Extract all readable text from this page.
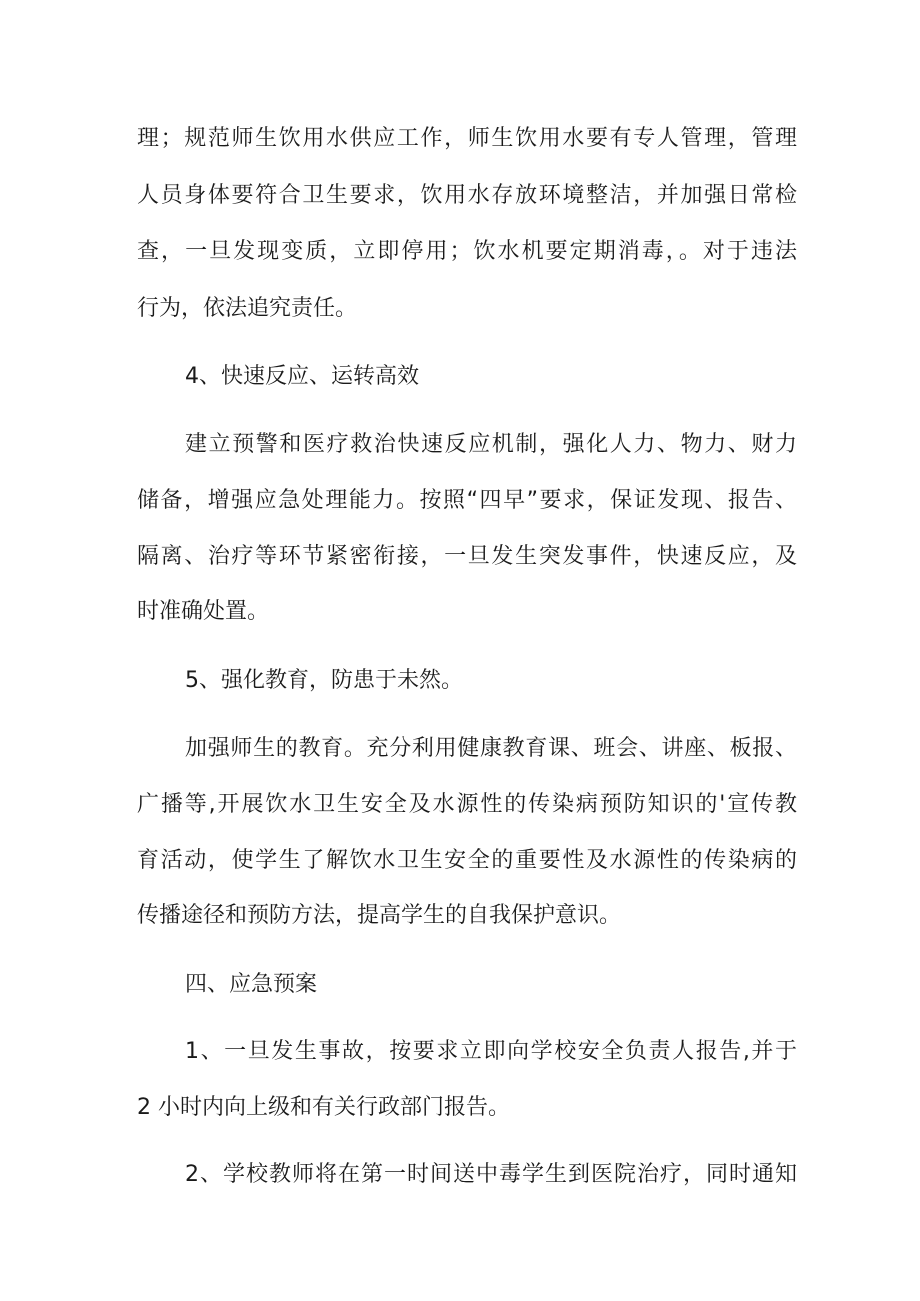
理；规范师生饮用水供应工作，师生饮用水要有专人管理，管理
人员身体要符合卫生要求，饮用水存放环境整洁，并加强日常检
查，一旦发现变质，立即停用；饮水机要定期消毒，。对于违法
行为，依法追究责任。
4、快速反应、运转高效
建立预警和医疗救治快速反应机制，强化人力、物力、财力
储备，增强应急处理能力。按照“四早”要求，保证发现、报告、
隔离、治疗等环节紧密衔接，一旦发生突发事件，快速反应，及
时准确处置。
5、强化教育，防患于未然。
加强师生的教育。充分利用健康教育课、班会、讲座、板报、
广播等,开展饮水卫生安全及水源性的传染病预防知识的'宣传教
育活动，使学生了解饮水卫生安全的重要性及水源性的传染病的
传播途径和预防方法，提高学生的自我保护意识。
四、应急预案
1、一旦发生事故，按要求立即向学校安全负责人报告,并于
2 小时内向上级和有关行政部门报告。
2、学校教师将在第一时间送中毒学生到医院治疗，同时通知
